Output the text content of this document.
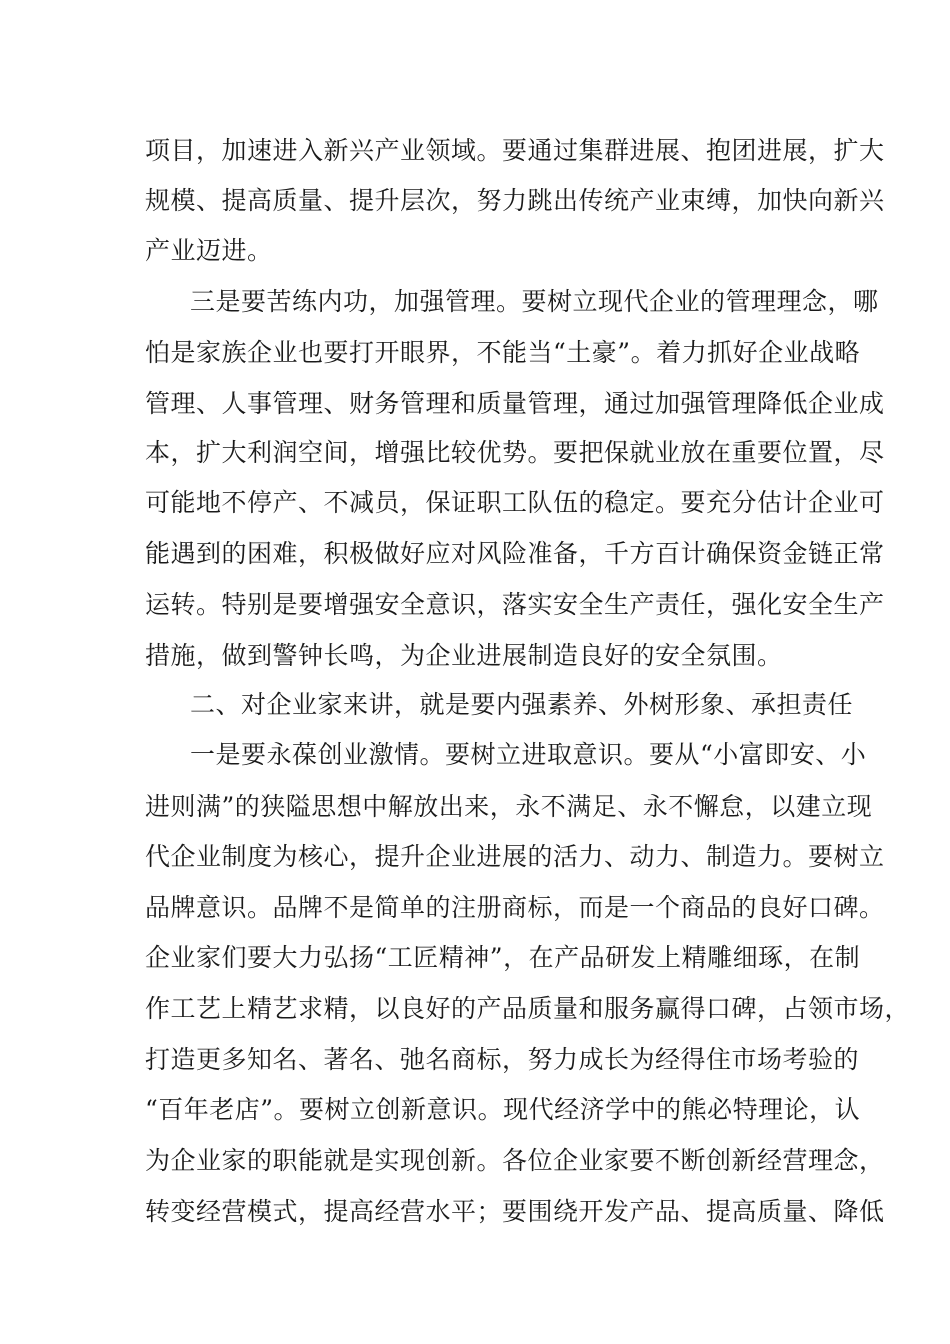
项目，加速进入新兴产业领域。要通过集群进展、抱团进展，扩大
规模、提高质量、提升层次，努力跳出传统产业束缚，加快向新兴
产业迈进。
三是要苦练内功，加强管理。要树立现代企业的管理理念，哪
怕是家族企业也要打开眼界，不能当“土豪”。着力抓好企业战略
管理、人事管理、财务管理和质量管理，通过加强管理降低企业成
本，扩大利润空间，增强比较优势。要把保就业放在重要位置，尽
可能地不停产、不减员，保证职工队伍的稳定。要充分估计企业可
能遇到的困难，积极做好应对风险准备，千方百计确保资金链正常
运转。特别是要增强安全意识，落实安全生产责任，强化安全生产
措施，做到警钟长鸣，为企业进展制造良好的安全氛围。
二、对企业家来讲，就是要内强素养、外树形象、承担责任
一是要永葆创业激情。要树立进取意识。要从“小富即安、小
进则满”的狭隘思想中解放出来，永不满足、永不懈怠，以建立现
代企业制度为核心，提升企业进展的活力、动力、制造力。要树立
品牌意识。品牌不是简单的注册商标，而是一个商品的良好口碑。
企业家们要大力弘扬“工匠精神”，在产品研发上精雕细琢，在制
作工艺上精艺求精，以良好的产品质量和服务赢得口碑，占领市场，
打造更多知名、著名、弛名商标，努力成长为经得住市场考验的
“百年老店”。要树立创新意识。现代经济学中的熊必特理论，认
为企业家的职能就是实现创新。各位企业家要不断创新经营理念，
转变经营模式，提高经营水平；要围绕开发产品、提高质量、降低
